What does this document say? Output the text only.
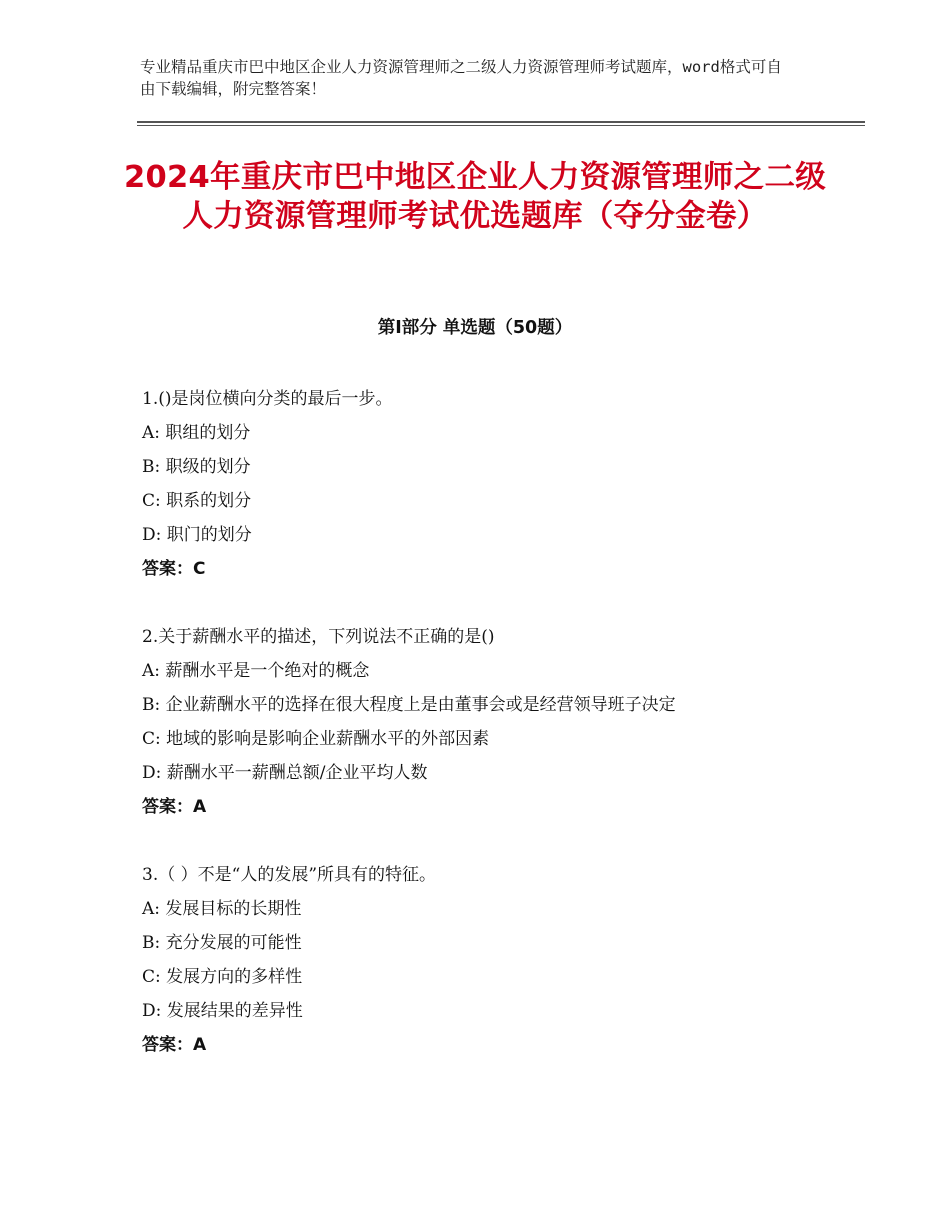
专业精品重庆市巴中地区企业人力资源管理师之二级人力资源管理师考试题库，word格式可自由下载编辑，附完整答案！
2024年重庆市巴中地区企业人力资源管理师之二级人力资源管理师考试优选题库（夺分金卷）
第Ⅰ部分 单选题（50题）
1.()是岗位横向分类的最后一步。
A: 职组的划分
B: 职级的划分
C: 职系的划分
D: 职门的划分
答案：C
2.关于薪酬水平的描述，下列说法不正确的是()
A: 薪酬水平是一个绝对的概念
B: 企业薪酬水平的选择在很大程度上是由董事会或是经营领导班子决定
C: 地域的影响是影响企业薪酬水平的外部因素
D: 薪酬水平一薪酬总额/企业平均人数
答案：A
3.（ ）不是“人的发展”所具有的特征。
A: 发展目标的长期性
B: 充分发展的可能性
C: 发展方向的多样性
D: 发展结果的差异性
答案：A
